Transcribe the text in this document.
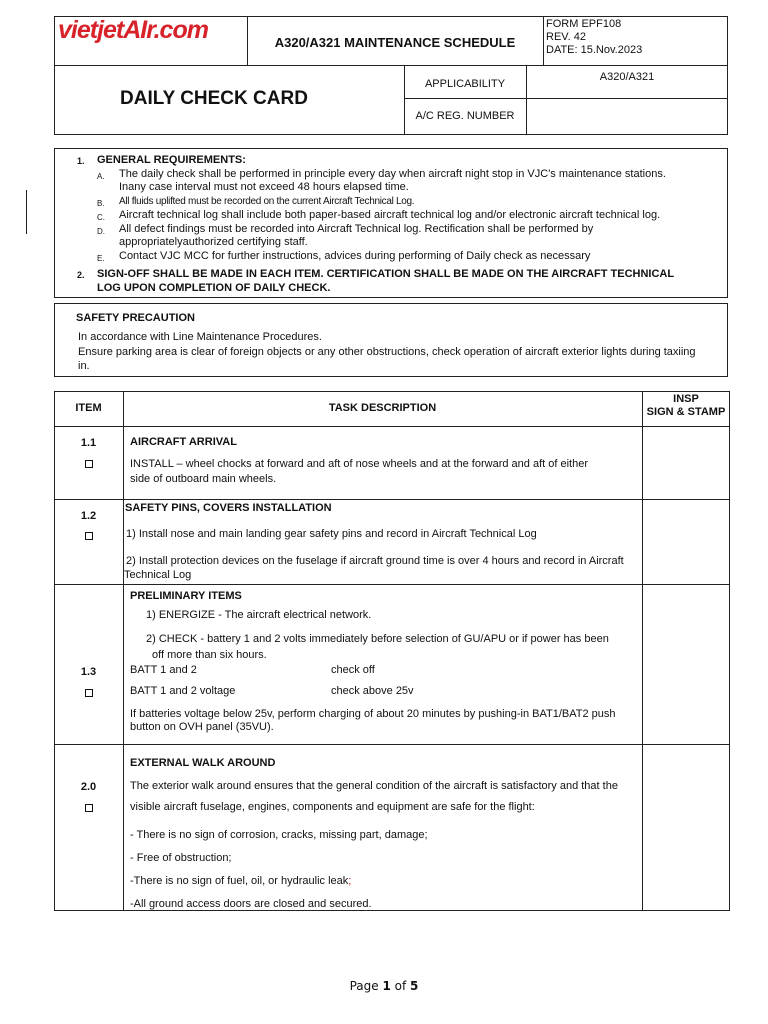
vietjetAIr.com	A320/A321 MAINTENANCE SCHEDULE
FORM EPF108
REV. 42
DATE: 15.Nov.2023
DAILY CHECK CARD
APPLICABILITY
A320/A321
A/C REG. NUMBER
1. GENERAL REQUIREMENTS:
A. The daily check shall be performed in principle every day when aircraft night stop in VJC's maintenance stations.
Inany case interval must not exceed 48 hours elapsed time.
B. All fluids uplifted must be recorded on the current Aircraft Technical Log.
C. Aircraft technical log shall include both paper-based aircraft technical log and/or electronic aircraft technical log.
D. All defect findings must be recorded into Aircraft Technical log. Rectification shall be performed by
appropriatelyauthorized certifying staff.
E. Contact VJC MCC for further instructions, advices during performing of Daily check as necessary
2. SIGN-OFF SHALL BE MADE IN EACH ITEM. CERTIFICATION SHALL BE MADE ON THE AIRCRAFT TECHNICAL
LOG UPON COMPLETION OF DAILY CHECK.
SAFETY PRECAUTION
In accordance with Line Maintenance Procedures.
Ensure parking area is clear of foreign objects or any other obstructions, check operation of aircraft exterior lights during taxiing
in.
ITEM	TASK DESCRIPTION
INSP
SIGN & STAMP
1.1	AIRCRAFT ARRIVAL
INSTALL – wheel chocks at forward and aft of nose wheels and at the forward and aft of either
side of outboard main wheels.
1.2
SAFETY PINS, COVERS INSTALLATION
1) Install nose and main landing gear safety pins and record in Aircraft Technical Log
2) Install protection devices on the fuselage if aircraft ground time is over 4 hours and record in Aircraft
Technical Log
1.3
PRELIMINARY ITEMS
1) ENERGIZE - The aircraft electrical network.
2) CHECK - battery 1 and 2 volts immediately before selection of GU/APU or if power has been
off more than six hours.
BATT 1 and 2	check off
BATT 1 and 2 voltage	check above 25v
If batteries voltage below 25v, perform charging of about 20 minutes by pushing-in BAT1/BAT2 push
button on OVH panel (35VU).
2.0
EXTERNAL WALK AROUND
The exterior walk around ensures that the general condition of the aircraft is satisfactory and that the
visible aircraft fuselage, engines, components and equipment are safe for the flight:
- There is no sign of corrosion, cracks, missing part, damage;
- Free of obstruction;
-There is no sign of fuel, oil, or hydraulic leak;
-All ground access doors are closed and secured.
Page 1 of 5
